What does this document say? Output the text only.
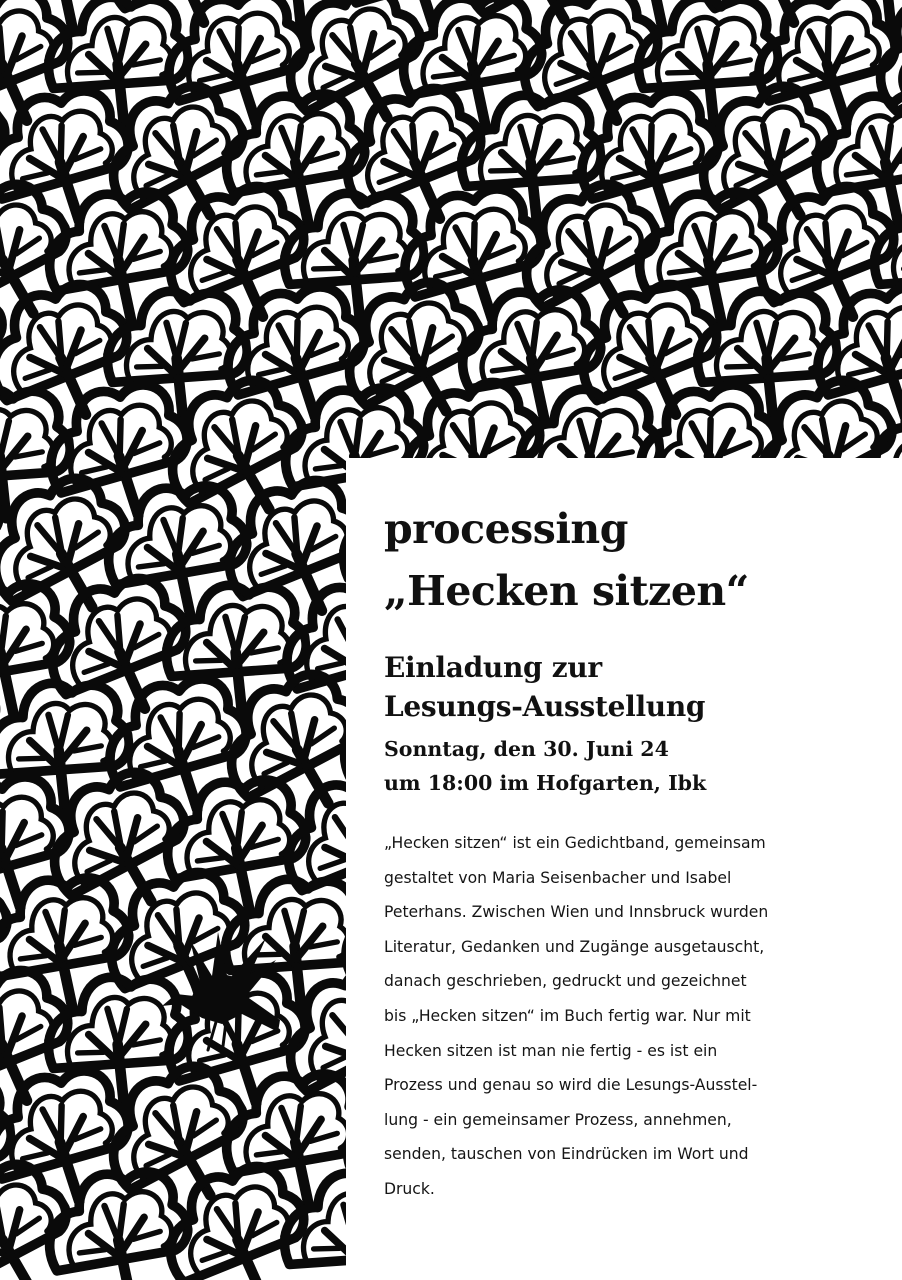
processing
„Hecken sitzen“
Einladung zur
Lesungs-Ausstellung

Sonntag, den 30. Juni 24
um 18:00 im Hofgarten, Ibk

„Hecken sitzen“ ist ein Gedichtband, gemeinsam
gestaltet von Maria Seisenbacher und Isabel
Peterhans. Zwischen Wien und Innsbruck wurden
Literatur, Gedanken und Zugänge ausgetauscht,
danach geschrieben, gedruckt und gezeichnet
bis „Hecken sitzen“ im Buch fertig war. Nur mit
Hecken sitzen ist man nie fertig - es ist ein
Prozess und genau so wird die Lesungs-Ausstel-
lung - ein gemeinsamer Prozess, annehmen,
senden, tauschen von Eindrücken im Wort und
Druck.
